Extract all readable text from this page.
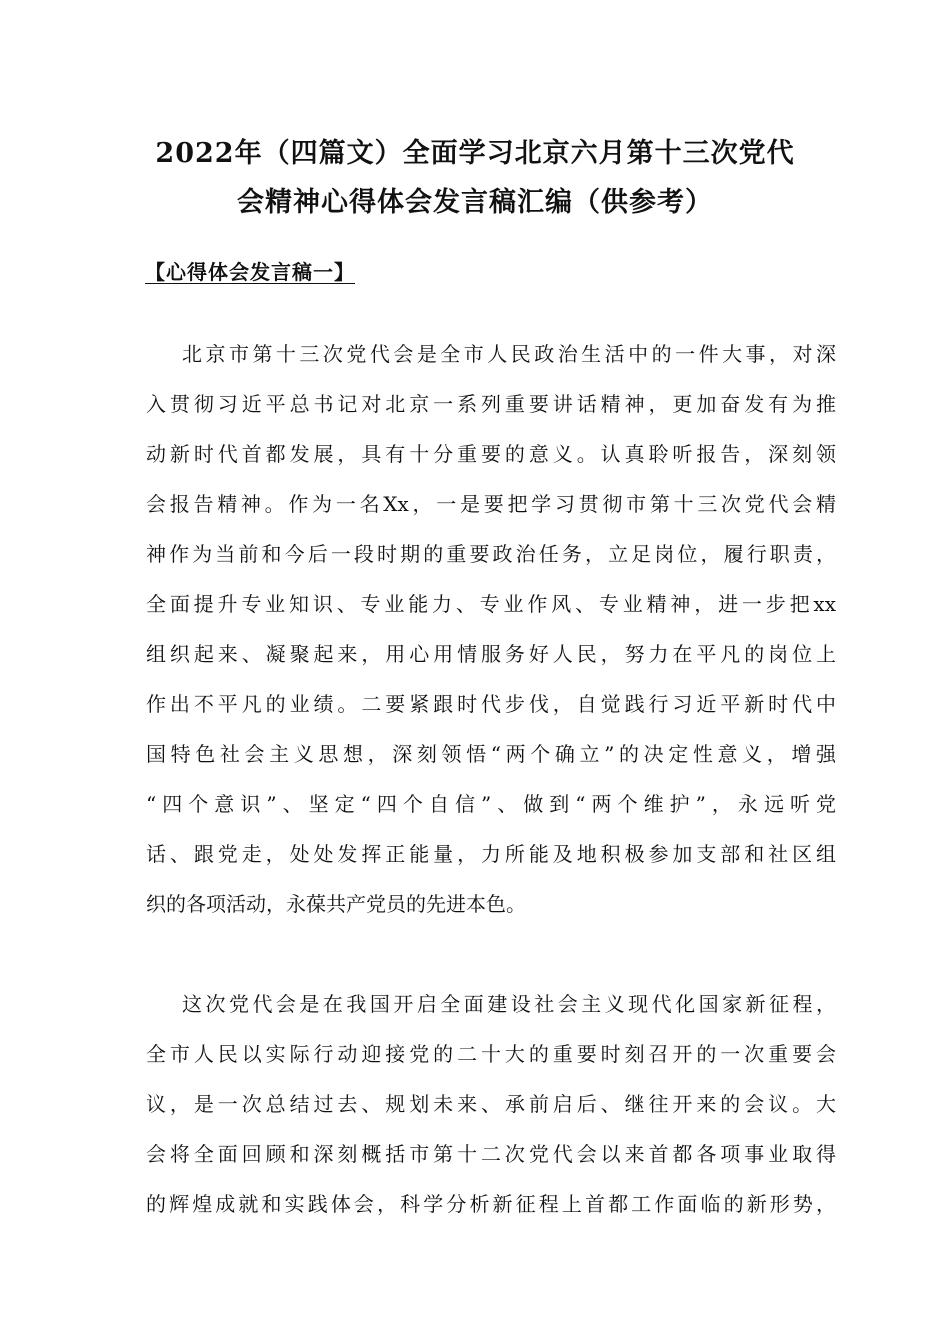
2022年（四篇文）全面学习北京六月第十三次党代
会精神心得体会发言稿汇编（供参考）
【心得体会发言稿一】
北京市第十三次党代会是全市人民政治生活中的一件大事，对深
入贯彻习近平总书记对北京一系列重要讲话精神，更加奋发有为推
动新时代首都发展，具有十分重要的意义。认真聆听报告，深刻领
会报告精神。作为一名Xx，一是要把学习贯彻市第十三次党代会精
神作为当前和今后一段时期的重要政治任务，立足岗位，履行职责，
全面提升专业知识、专业能力、专业作风、专业精神，进一步把xx
组织起来、凝聚起来，用心用情服务好人民，努力在平凡的岗位上
作出不平凡的业绩。二要紧跟时代步伐，自觉践行习近平新时代中
国特色社会主义思想，深刻领悟“两个确立”的决定性意义，增强
“四个意识”、坚定“四个自信”、做到“两个维护”，永远听党
话、跟党走，处处发挥正能量，力所能及地积极参加支部和社区组
织的各项活动，永葆共产党员的先进本色。
这次党代会是在我国开启全面建设社会主义现代化国家新征程，
全市人民以实际行动迎接党的二十大的重要时刻召开的一次重要会
议，是一次总结过去、规划未来、承前启后、继往开来的会议。大
会将全面回顾和深刻概括市第十二次党代会以来首都各项事业取得
的辉煌成就和实践体会，科学分析新征程上首都工作面临的新形势，
